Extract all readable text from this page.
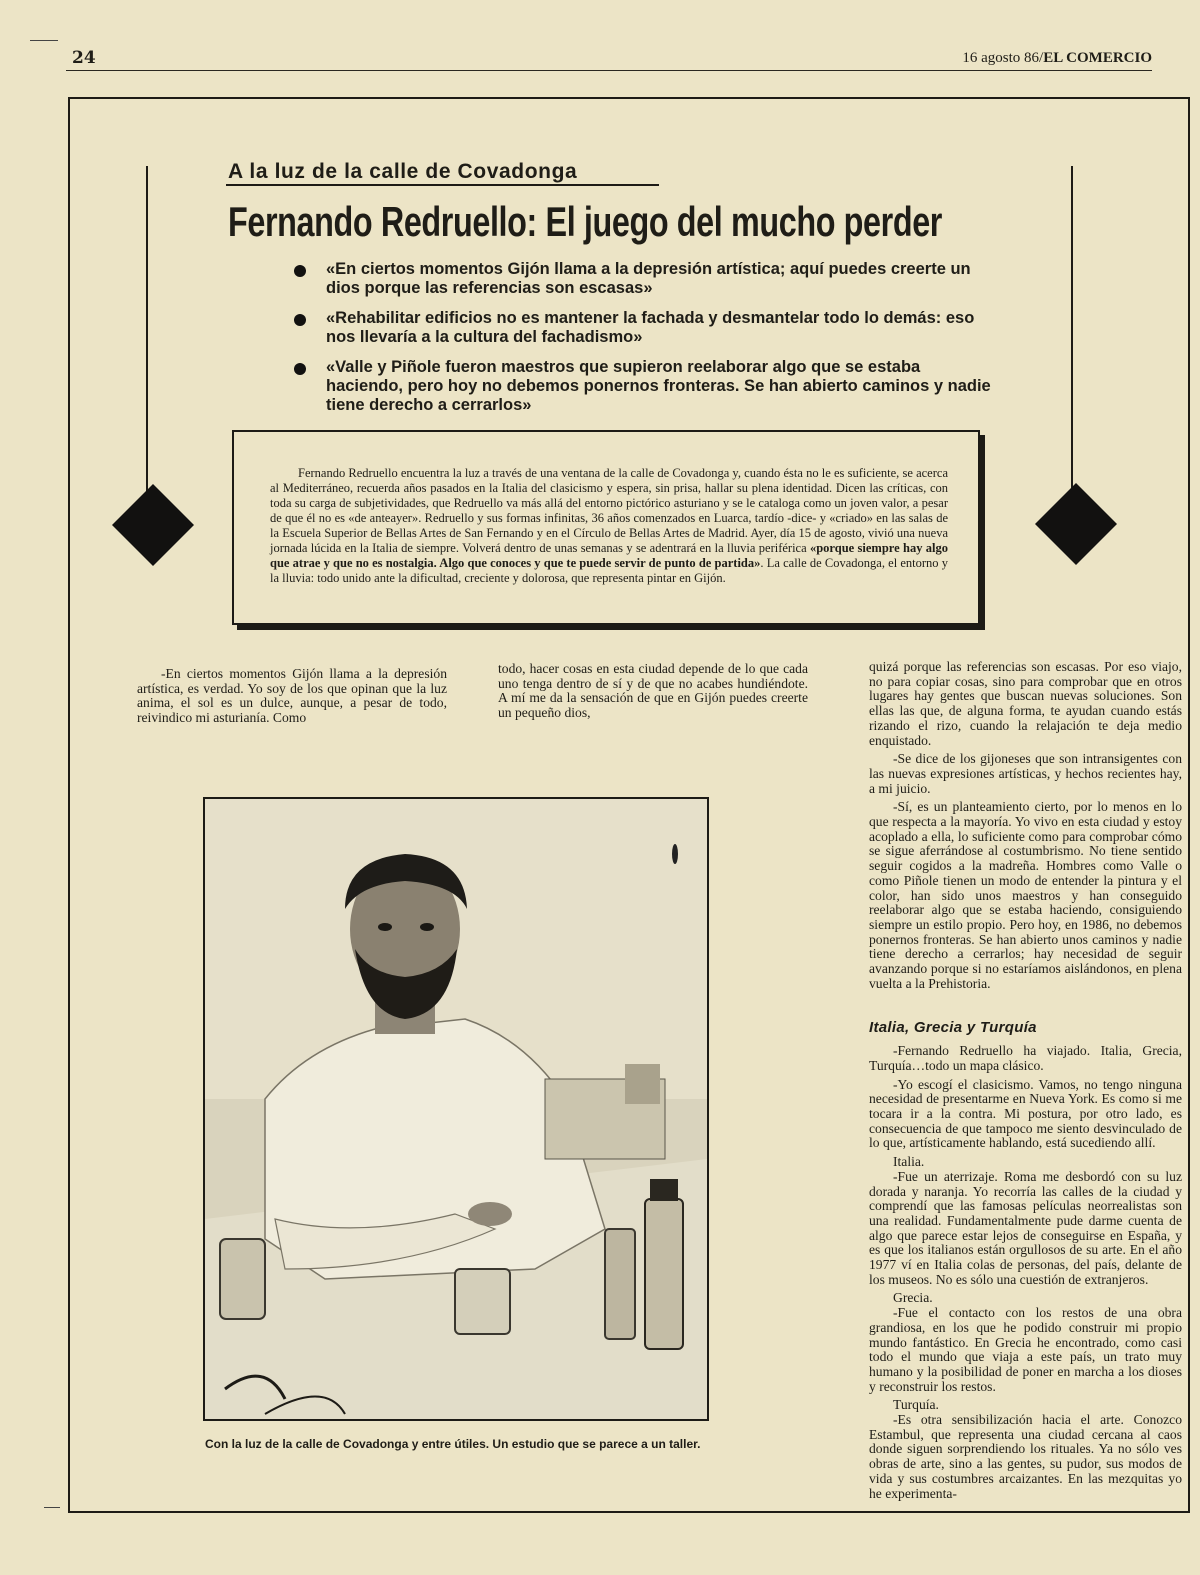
24	16 agosto 86/EL COMERCIO
A la luz de la calle de Covadonga
Fernando Redruello: El juego del mucho perder
«En ciertos momentos Gijón llama a la depresión artística; aquí puedes creerte un dios porque las referencias son escasas»
«Rehabilitar edificios no es mantener la fachada y desmantelar todo lo demás: eso nos llevaría a la cultura del fachadismo»
«Valle y Piñole fueron maestros que supieron reelaborar algo que se estaba haciendo, pero hoy no debemos ponernos fronteras. Se han abierto caminos y nadie tiene derecho a cerrarlos»

Fernando Redruello encuentra la luz a través de una ventana de la calle de Covadonga y, cuando ésta no le es suficiente, se acerca al Mediterráneo, recuerda años pasados en la Italia del clasicismo y espera, sin prisa, hallar su plena identidad. Dicen las críticas, con toda su carga de subjetividades, que Redruello va más allá del entorno pictórico asturiano y se le cataloga como un joven valor, a pesar de que él no es «de anteayer». Redruello y sus formas infinitas, 36 años comenzados en Luarca, tardío -dice- y «criado» en las salas de la Escuela Superior de Bellas Artes de San Fernando y en el Círculo de Bellas Artes de Madrid. Ayer, día 15 de agosto, vivió una nueva jornada lúcida en la Italia de siempre. Volverá dentro de unas semanas y se adentrará en la lluvia periférica «porque siempre hay algo que atrae y que no es nostalgia. Algo que conoces y que te puede servir de punto de partida». La calle de Covadonga, el entorno y la lluvia: todo unido ante la dificultad, creciente y dolorosa, que representa pintar en Gijón.

-En ciertos momentos Gijón llama a la depresión artística, es verdad. Yo soy de los que opinan que la luz anima, el sol es un dulce, aunque, a pesar de todo, reivindico mi asturianía. Como

todo, hacer cosas en esta ciudad depende de lo que cada uno tenga dentro de sí y de que no acabes hundiéndote. A mí me da la sensación de que en Gijón puedes creerte un pequeño dios,

quizá porque las referencias son escasas. Por eso viajo, no para copiar cosas, sino para comprobar que en otros lugares hay gentes que buscan nuevas soluciones. Son ellas las que, de alguna forma, te ayudan cuando estás rizando el rizo, cuando la relajación te deja medio enquistado.

-Se dice de los gijoneses que son intransigentes con las nuevas expresiones artísticas, y hechos recientes hay, a mi juicio.

-Sí, es un planteamiento cierto, por lo menos en lo que respecta a la mayoría. Yo vivo en esta ciudad y estoy acoplado a ella, lo suficiente como para comprobar cómo se sigue aferrándose al costumbrismo. No tiene sentido seguir cogidos a la madreña. Hombres como Valle o como Piñole tienen un modo de entender la pintura y el color, han sido unos maestros y han conseguido reelaborar algo que se estaba haciendo, consiguiendo siempre un estilo propio. Pero hoy, en 1986, no debemos ponernos fronteras. Se han abierto unos caminos y nadie tiene derecho a cerrarlos; hay necesidad de seguir avanzando porque si no estaríamos aislándonos, en plena vuelta a la Prehistoria.

Italia, Grecia y Turquía

-Fernando Redruello ha viajado. Italia, Grecia, Turquía…todo un mapa clásico.

-Yo escogí el clasicismo. Vamos, no tengo ninguna necesidad de presentarme en Nueva York. Es como si me tocara ir a la contra. Mi postura, por otro lado, es consecuencia de que tampoco me siento desvinculado de lo que, artísticamente hablando, está sucediendo allí.

Italia.

-Fue un aterrizaje. Roma me desbordó con su luz dorada y naranja. Yo recorría las calles de la ciudad y comprendí que las famosas películas neorrealistas son una realidad. Fundamentalmente pude darme cuenta de algo que parece estar lejos de conseguirse en España, y es que los italianos están orgullosos de su arte. En el año 1977 ví en Italia colas de personas, del país, delante de los museos. No es sólo una cuestión de extranjeros.

Grecia.

-Fue el contacto con los restos de una obra grandiosa, en los que he podido construir mi propio mundo fantástico. En Grecia he encontrado, como casi todo el mundo que viaja a este país, un trato muy humano y la posibilidad de poner en marcha a los dioses y reconstruir los restos.

Turquía.

-Es otra sensibilización hacia el arte. Conozco Estambul, que representa una ciudad cercana al caos donde siguen sorprendiendo los rituales. Ya no sólo ves obras de arte, sino a las gentes, su pudor, sus modos de vida y sus costumbres arcaizantes. En las mezquitas yo he experimenta-

Con la luz de la calle de Covadonga y entre útiles. Un estudio que se parece a un taller.
